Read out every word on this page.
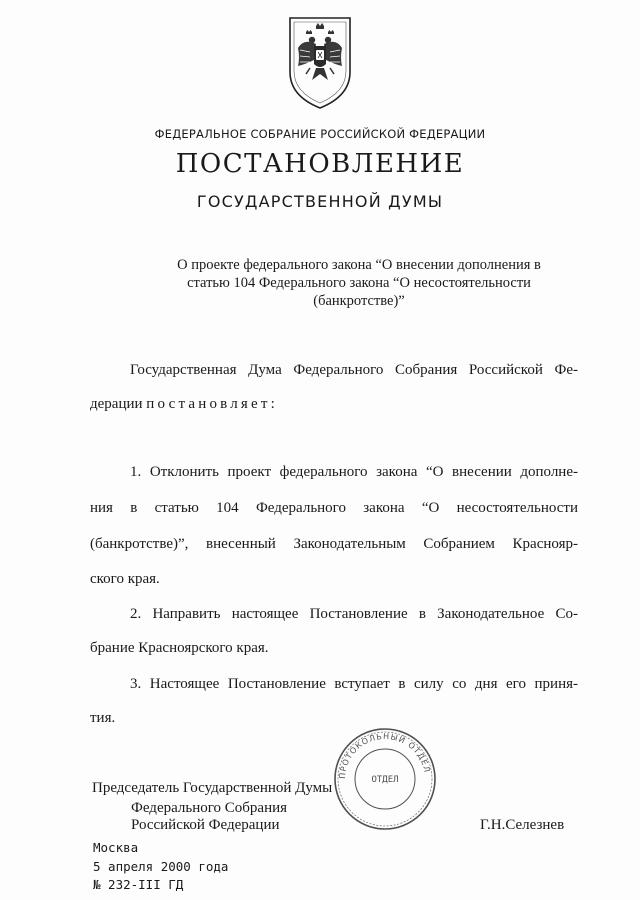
ФЕДЕРАЛЬНОЕ СОБРАНИЕ РОССИЙСКОЙ ФЕДЕРАЦИИ
ПОСТАНОВЛЕНИЕ
ГОСУДАРСТВЕННОЙ ДУМЫ
О проекте федерального закона “О внесении дополнения в
статью 104 Федерального закона “О несостоятельности
(банкротстве)”
Государственная Дума Федерального Собрания Российской Фе-
дерации постановляет:
1. Отклонить проект федерального закона “О внесении дополне-
ния в статью 104 Федерального закона “О несостоятельности
(банкротстве)”, внесенный Законодательным Собранием Краснояр-
ского края.
2. Направить настоящее Постановление в Законодательное Со-
брание Красноярского края.
3. Настоящее Постановление вступает в силу со дня его приня-
тия.
ПРОТОКОЛЬНЫЙ ОТДЕЛ
ОТДЕЛ
Председатель Государственной Думы
Федерального Собрания
Российской Федерации	Г.Н.Селезнев
Москва
5 апреля 2000 года
№ 232-III ГД
